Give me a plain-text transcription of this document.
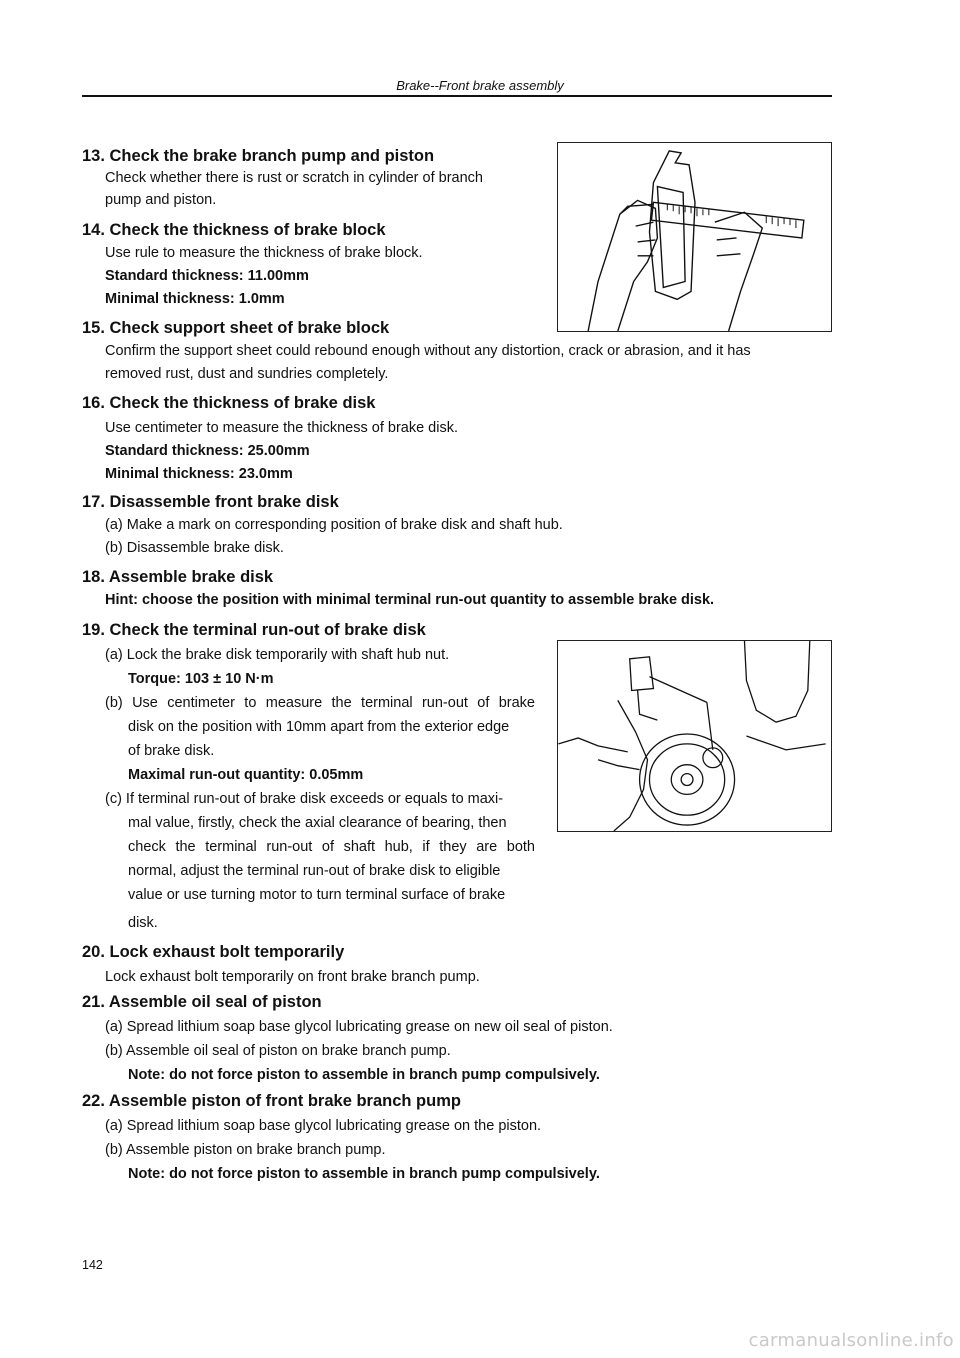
Brake--Front brake assembly
13. Check the brake branch pump and piston
Check whether there is rust or scratch in cylinder of branch
pump and piston.
14. Check the thickness of brake block
Use rule to measure the thickness of brake block.
Standard thickness: 11.00mm
Minimal thickness: 1.0mm
15. Check support sheet of brake block
Confirm the support sheet could rebound enough without any distortion, crack or abrasion, and it has
removed rust, dust and sundries completely.
16. Check the thickness of brake disk
Use centimeter to measure the thickness of brake disk.
Standard thickness: 25.00mm
Minimal thickness: 23.0mm
17. Disassemble front brake disk
(a) Make a mark on corresponding position of brake disk and shaft hub.
(b) Disassemble brake disk.
18. Assemble brake disk
Hint: choose the position with minimal terminal run-out quantity to assemble brake disk.
19. Check the terminal run-out of brake disk
(a) Lock the brake disk temporarily with shaft hub nut.
Torque: 103 ± 10 N·m
(b) Use centimeter to measure the terminal run-out of brake
disk on the position with 10mm apart from the exterior edge
of brake disk.
Maximal run-out quantity: 0.05mm
(c) If terminal run-out of brake disk exceeds or equals to maxi-
mal value, firstly, check the axial clearance of bearing, then
check the terminal run-out of shaft hub, if they are both
normal, adjust the terminal run-out of brake disk to eligible
value or use turning motor to turn terminal surface of brake
disk.
20. Lock exhaust bolt temporarily
Lock exhaust bolt temporarily on front brake branch pump.
21. Assemble oil seal of piston
(a) Spread lithium soap base glycol lubricating grease on new oil seal of piston.
(b) Assemble oil seal of piston on brake branch pump.
Note: do not force piston to assemble in branch pump compulsively.
22. Assemble piston of front brake branch pump
(a) Spread lithium soap base glycol lubricating grease on the piston.
(b) Assemble piston on brake branch pump.
Note: do not force piston to assemble in branch pump compulsively.
142
carmanualsonline.info
